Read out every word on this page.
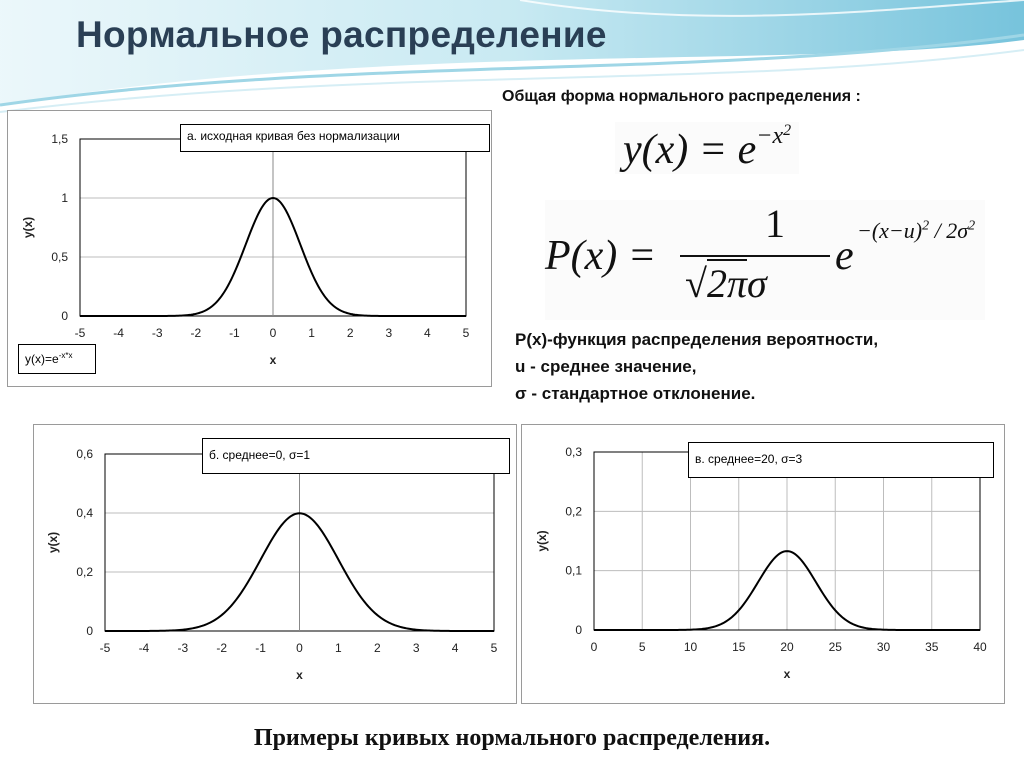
Нормальное распределение
Общая форма нормального распределения :
$y(x) = e^{-x^2}$
P(x) =
1
√2πσ
e
$-(x-u)^2 / 2\sigma^2$
P(x)-функция распределения вероятности,
u - среднее значение,
σ - стандартное отклонение.
-5 -4 -3 -2 -1 0	1	2	3	4	5
0
0,5
1
1,5
x
y(x)
а. исходная кривая без нормализации
$y(x)=e^{-x*x}$
-5 -4 -3 -2 -1	0	1	2	3	4	5
0
0,2
0,4
0,6
x
y(x)
б. среднее=0, σ=1
0	5	10	15	20	25	30	35	40
0
0,1
0,2
0,3
x
y(x)
в. среднее=20, σ=3
Примеры кривых нормального распределения.
